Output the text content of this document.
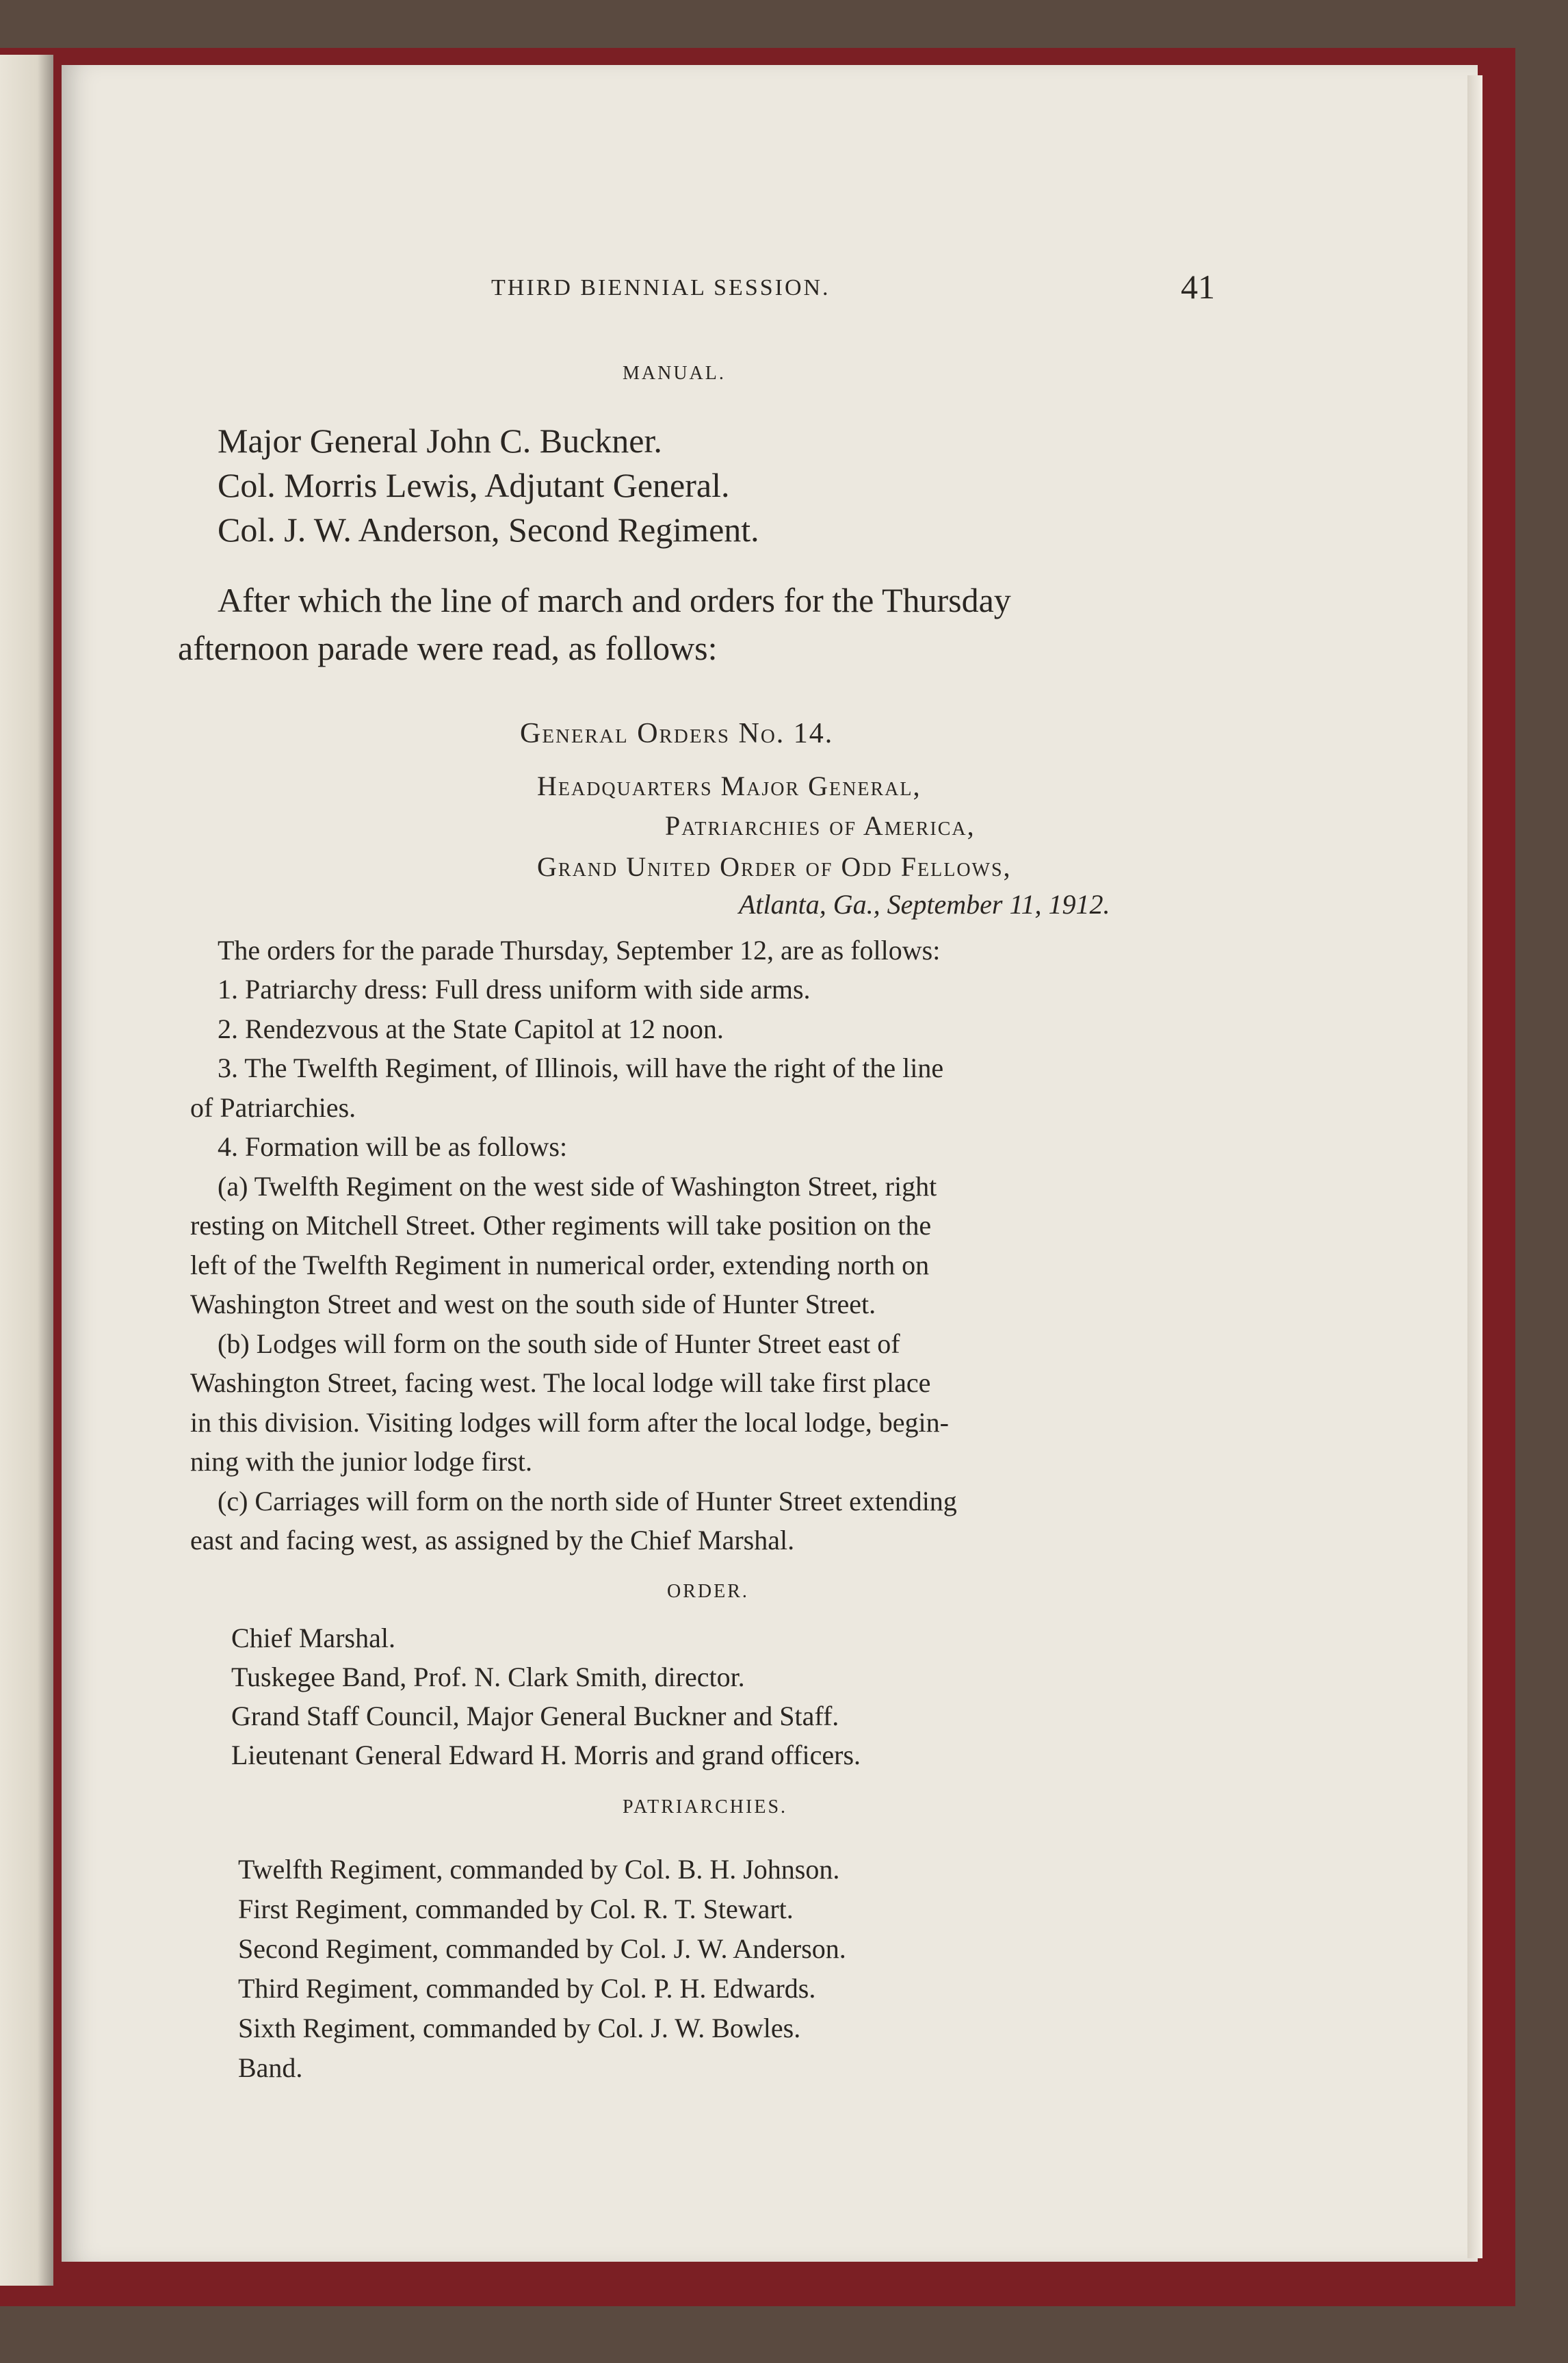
THIRD BIENNIAL SESSION.	41
MANUAL.
Major General John C. Buckner.
Col. Morris Lewis, Adjutant General.
Col. J. W. Anderson, Second Regiment.
After which the line of march and orders for the Thursday
afternoon parade were read, as follows:
General Orders No. 14.
Headquarters Major General,
Patriarchies of America,
Grand United Order of Odd Fellows,
Atlanta, Ga., September 11, 1912.
The orders for the parade Thursday, September 12, are as follows:
1. Patriarchy dress: Full dress uniform with side arms.
2. Rendezvous at the State Capitol at 12 noon.
3. The Twelfth Regiment, of Illinois, will have the right of the line
of Patriarchies.
4. Formation will be as follows:
(a) Twelfth Regiment on the west side of Washington Street, right
resting on Mitchell Street. Other regiments will take position on the
left of the Twelfth Regiment in numerical order, extending north on
Washington Street and west on the south side of Hunter Street.
(b) Lodges will form on the south side of Hunter Street east of
Washington Street, facing west. The local lodge will take first place
in this division. Visiting lodges will form after the local lodge, begin-
ning with the junior lodge first.
(c) Carriages will form on the north side of Hunter Street extending
east and facing west, as assigned by the Chief Marshal.
ORDER.
Chief Marshal.
Tuskegee Band, Prof. N. Clark Smith, director.
Grand Staff Council, Major General Buckner and Staff.
Lieutenant General Edward H. Morris and grand officers.
PATRIARCHIES.
Twelfth Regiment, commanded by Col. B. H. Johnson.
First Regiment, commanded by Col. R. T. Stewart.
Second Regiment, commanded by Col. J. W. Anderson.
Third Regiment, commanded by Col. P. H. Edwards.
Sixth Regiment, commanded by Col. J. W. Bowles.
Band.
